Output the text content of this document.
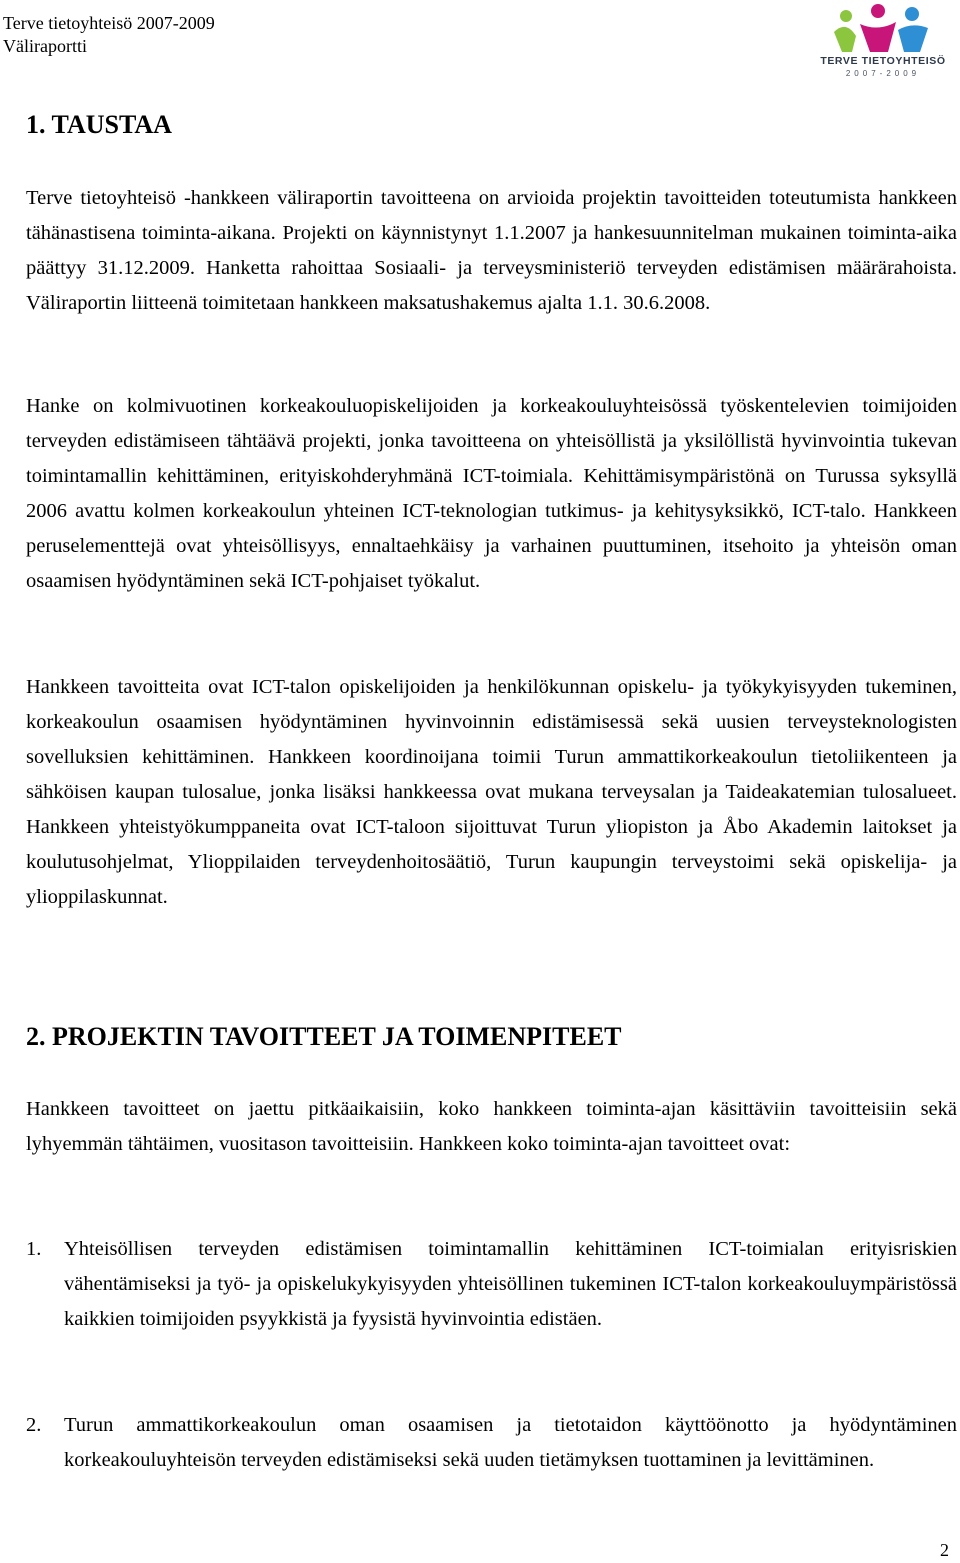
Terve tietoyhteisö 2007-2009
Väliraportti
TERVE TIETOYHTEISÖ
2007-2009
1. TAUSTAA

Terve tietoyhteisö -hankkeen väliraportin tavoitteena on arvioida projektin tavoitteiden toteutumista hankkeen tähänastisena toiminta-aikana. Projekti on käynnistynyt 1.1.2007 ja hankesuunnitelman mukainen toiminta-aika päättyy 31.12.2009. Hanketta rahoittaa Sosiaali- ja terveysministeriö terveyden edistämisen määrärahoista. Väliraportin liitteenä toimitetaan hankkeen maksatushakemus ajalta 1.1. 30.6.2008.

Hanke on kolmivuotinen korkeakouluopiskelijoiden ja korkeakouluyhteisössä työskentelevien toimijoiden terveyden edistämiseen tähtäävä projekti, jonka tavoitteena on yhteisöllistä ja yksilöllistä hyvinvointia tukevan toimintamallin kehittäminen, erityiskohderyhmänä ICT-toimiala. Kehittämisympäristönä on Turussa syksyllä 2006 avattu kolmen korkeakoulun yhteinen ICT-teknologian tutkimus- ja kehitysyksikkö, ICT-talo. Hankkeen peruselementtejä ovat yhteisöllisyys, ennaltaehkäisy ja varhainen puuttuminen, itsehoito ja yhteisön oman osaamisen hyödyntäminen sekä ICT-pohjaiset työkalut.

Hankkeen tavoitteita ovat ICT-talon opiskelijoiden ja henkilökunnan opiskelu- ja työkykyisyyden tukeminen, korkeakoulun osaamisen hyödyntäminen hyvinvoinnin edistämisessä sekä uusien terveysteknologisten sovelluksien kehittäminen. Hankkeen koordinoijana toimii Turun ammattikorkeakoulun tietoliikenteen ja sähköisen kaupan tulosalue, jonka lisäksi hankkeessa ovat mukana terveysalan ja Taideakatemian tulosalueet. Hankkeen yhteistyökumppaneita ovat ICT-taloon sijoittuvat Turun yliopiston ja Åbo Akademin laitokset ja koulutusohjelmat, Ylioppilaiden terveydenhoitosäätiö, Turun kaupungin terveystoimi sekä opiskelija- ja ylioppilaskunnat.

2. PROJEKTIN TAVOITTEET JA TOIMENPITEET

Hankkeen tavoitteet on jaettu pitkäaikaisiin, koko hankkeen toiminta-ajan käsittäviin tavoitteisiin sekä lyhyemmän tähtäimen, vuositason tavoitteisiin. Hankkeen koko toiminta-ajan tavoitteet ovat:

1. Yhteisöllisen terveyden edistämisen toimintamallin kehittäminen ICT-toimialan erityisriskien vähentämiseksi ja työ- ja opiskelukykyisyyden yhteisöllinen tukeminen ICT-talon korkeakouluympäristössä kaikkien toimijoiden psyykkistä ja fyysistä hyvinvointia edistäen.
2. Turun ammattikorkeakoulun oman osaamisen ja tietotaidon käyttöönotto ja hyödyntäminen korkeakouluyhteisön terveyden edistämiseksi sekä uuden tietämyksen tuottaminen ja levittäminen.
2
